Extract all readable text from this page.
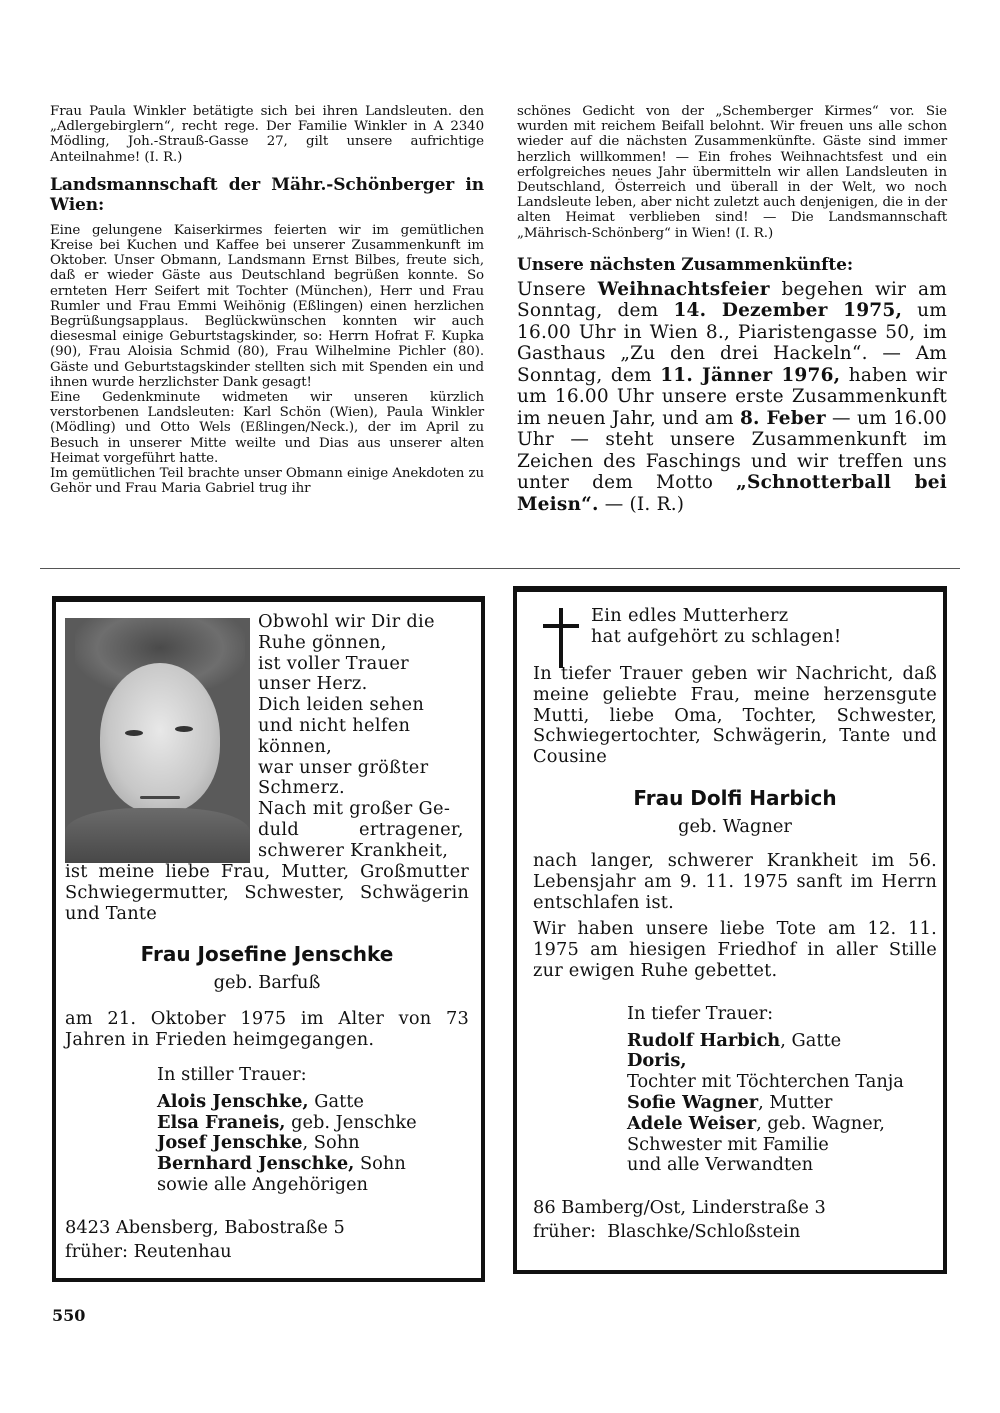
Frau Paula Winkler betätigte sich bei ihren Landsleuten. den „Adlergebirglern“, recht rege. Der Familie Winkler in A 2340 Mödling, Joh.-Strauß-Gasse 27, gilt unsere aufrichtige Anteilnahme! (I. R.)

Landsmannschaft der Mähr.-Schönberger in Wien:

Eine gelungene Kaiserkirmes feierten wir im gemütlichen Kreise bei Kuchen und Kaffee bei unserer Zusammenkunft im Oktober. Unser Obmann, Landsmann Ernst Bilbes, freute sich, daß er wieder Gäste aus Deutschland begrüßen konnte. So ernteten Herr Seifert mit Tochter (München), Herr und Frau Rumler und Frau Emmi Weihönig (Eßlingen) einen herzlichen Begrüßungsapplaus. Beglückwünschen konnten wir auch diesesmal einige Geburtstagskinder, so: Herrn Hofrat F. Kupka (90), Frau Aloisia Schmid (80), Frau Wilhelmine Pichler (80). Gäste und Geburtstagskinder stellten sich mit Spenden ein und ihnen wurde herzlichster Dank gesagt!

Eine Gedenkminute widmeten wir unseren kürzlich verstorbenen Landsleuten: Karl Schön (Wien), Paula Winkler (Mödling) und Otto Wels (Eßlingen/Neck.), der im April zu Besuch in unserer Mitte weilte und Dias aus unserer alten Heimat vorgeführt hatte.

Im gemütlichen Teil brachte unser Obmann einige Anekdoten zu Gehör und Frau Maria Gabriel trug ihr

schönes Gedicht von der „Schemberger Kirmes“ vor. Sie wurden mit reichem Beifall belohnt. Wir freuen uns alle schon wieder auf die nächsten Zusammenkünfte. Gäste sind immer herzlich willkommen! — Ein frohes Weihnachtsfest und ein erfolgreiches neues Jahr übermitteln wir allen Landsleuten in Deutschland, Österreich und überall in der Welt, wo noch Landsleute leben, aber nicht zuletzt auch denjenigen, die in der alten Heimat verblieben sind! — Die Landsmannschaft „Mährisch-Schönberg“ in Wien! (I. R.)

Unsere nächsten Zusammenkünfte:

Unsere Weihnachtsfeier begehen wir am Sonntag, dem 14. Dezember 1975, um 16.00 Uhr in Wien 8., Piaristengasse 50, im Gasthaus „Zu den drei Hackeln“. — Am Sonntag, dem 11. Jänner 1976, haben wir um 16.00 Uhr unsere erste Zusammenkunft im neuen Jahr, und am 8. Feber — um 16.00 Uhr — steht unsere Zusammenkunft im Zeichen des Faschings und wir treffen uns unter dem Motto „Schnotterball bei Meisn“. — (I. R.)

Obwohl wir Dir die
Ruhe gönnen,
ist voller Trauer
unser Herz.
Dich leiden sehen
und nicht helfen
können,
war unser größter
Schmerz.
Nach mit großer Ge-
duld ertragener,
schwerer Krankheit,
ist meine liebe Frau, Mutter, Großmutter Schwiegermutter, Schwester, Schwägerin und Tante
Frau Josefine Jenschke
geb. Barfuß
am 21. Oktober 1975 im Alter von 73 Jahren in Frieden heimgegangen.
In stiller Trauer:
Alois Jenschke, Gatte
Elsa Franeis, geb. Jenschke
Josef Jenschke, Sohn
Bernhard Jenschke, Sohn
sowie alle Angehörigen
8423 Abensberg, Babostraße 5
früher: Reutenhau
Ein edles Mutterherz
hat aufgehört zu schlagen!
In tiefer Trauer geben wir Nachricht, daß meine geliebte Frau, meine herzensgute Mutti, liebe Oma, Tochter, Schwester, Schwiegertochter, Schwägerin, Tante und Cousine
Frau Dolfi Harbich
geb. Wagner
nach langer, schwerer Krankheit im 56. Lebensjahr am 9. 11. 1975 sanft im Herrn entschlafen ist.
Wir haben unsere liebe Tote am 12. 11. 1975 am hiesigen Friedhof in aller Stille zur ewigen Ruhe gebettet.
In tiefer Trauer:
Rudolf Harbich, Gatte
Doris,
Tochter mit Töchterchen Tanja
Sofie Wagner, Mutter
Adele Weiser, geb. Wagner,
Schwester mit Familie
und alle Verwandten
86 Bamberg/Ost, Linderstraße 3
früher:  Blaschke/Schloßstein
550
